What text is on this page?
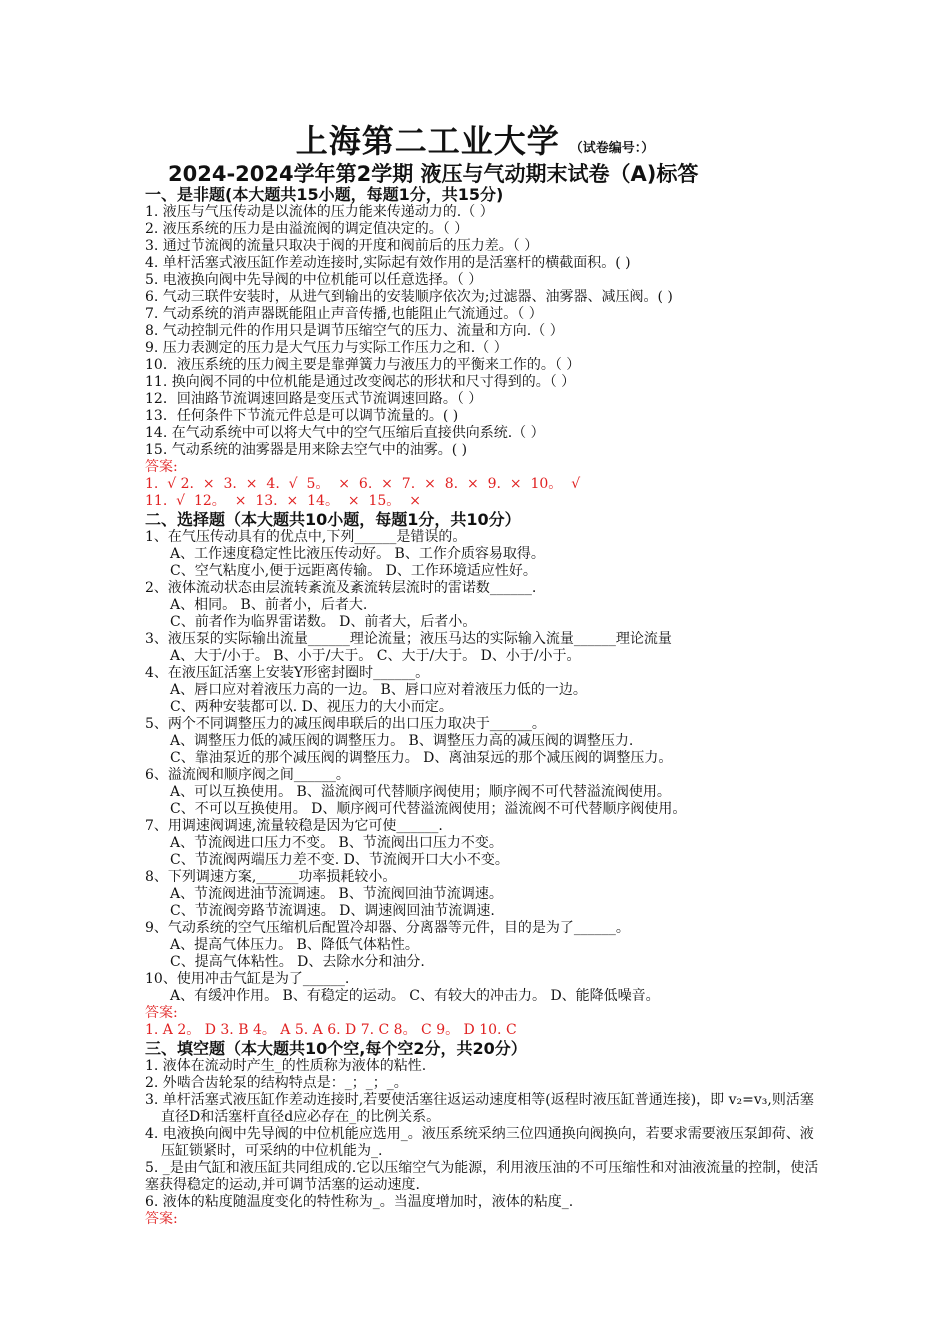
上海第二工业大学 （试卷编号：）
2024-2024学年第2学期 液压与气动期末试卷（A)标答
一、是非题(本大题共15小题，每题1分，共15分)
1. 液压与气压传动是以流体的压力能来传递动力的.（ ）
2. 液压系统的压力是由溢流阀的调定值决定的。（ ）
3. 通过节流阀的流量只取决于阀的开度和阀前后的压力差。（ ）
4. 单杆活塞式液压缸作差动连接时,实际起有效作用的是活塞杆的横截面积。( )
5. 电液换向阀中先导阀的中位机能可以任意选择。（ ）
6. 气动三联件安装时，从进气到输出的安装顺序依次为;过滤器、油雾器、减压阀。( )
7. 气动系统的消声器既能阻止声音传播,也能阻止气流通过。（ ）
8. 气动控制元件的作用只是调节压缩空气的压力、流量和方向.（ ）
9. 压力表测定的压力是大气压力与实际工作压力之和.（ ）
10．液压系统的压力阀主要是靠弹簧力与液压力的平衡来工作的。（ ）
11. 换向阀不同的中位机能是通过改变阀芯的形状和尺寸得到的。（ ）
12．回油路节流调速回路是变压式节流调速回路。（ ）
13．任何条件下节流元件总是可以调节流量的。( )
14. 在气动系统中可以将大气中的空气压缩后直接供向系统.（ ）
15. 气动系统的油雾器是用来除去空气中的油雾。( )
答案:
1.  √ 2.  ×  3.  ×  4.  √  5。  ×  6.  ×  7.  ×  8.  ×  9.  ×  10。  √
11.  √  12。  ×  13.  ×  14。  ×  15。  ×
二、选择题（本大题共10小题，每题1分，共10分）
1、在气压传动具有的优点中,下列______是错误的。
A、工作速度稳定性比液压传动好。 B、工作介质容易取得。
C、空气粘度小,便于远距离传输。 D、工作环境适应性好。
2、液体流动状态由层流转紊流及紊流转层流时的雷诺数______.
A、相同。 B、前者小，后者大.
C、前者作为临界雷诺数。 D、前者大，后者小。
3、液压泵的实际输出流量______理论流量；液压马达的实际输入流量______理论流量
A、大于/小于。 B、小于/大于。 C、大于/大于。 D、小于/小于。
4、在液压缸活塞上安装Y形密封圈时______。
A、唇口应对着液压力高的一边。 B、唇口应对着液压力低的一边。
C、两种安装都可以. D、视压力的大小而定。
5、两个不同调整压力的减压阀串联后的出口压力取决于______。
A、调整压力低的减压阀的调整压力。 B、调整压力高的减压阀的调整压力.
C、靠油泵近的那个减压阀的调整压力。 D、离油泵远的那个减压阀的调整压力。
6、溢流阀和顺序阀之间______。
A、可以互换使用。 B、溢流阀可代替顺序阀使用；顺序阀不可代替溢流阀使用。
C、不可以互换使用。 D、顺序阀可代替溢流阀使用；溢流阀不可代替顺序阀使用。
7、用调速阀调速,流量较稳是因为它可使______.
A、节流阀进口压力不变。 B、节流阀出口压力不变。
C、节流阀两端压力差不变. D、节流阀开口大小不变。
8、下列调速方案,______功率损耗较小。
A、节流阀进油节流调速。 B、节流阀回油节流调速。
C、节流阀旁路节流调速。 D、调速阀回油节流调速.
9、气动系统的空气压缩机后配置冷却器、分离器等元件，目的是为了______。
A、提高气体压力。 B、降低气体粘性。
C、提高气体粘性。 D、去除水分和油分.
10、使用冲击气缸是为了______.
A、有缓冲作用。 B、有稳定的运动。 C、有较大的冲击力。 D、能降低噪音。
答案:
1. A 2。 D 3. B 4。 A 5. A 6. D 7. C 8。 C 9。 D 10. C
三、填空题（本大题共10个空,每个空2分，共20分）
1. 液体在流动时产生_的性质称为液体的粘性.
2. 外啮合齿轮泵的结构特点是：_；_；_。
3. 单杆活塞式液压缸作差动连接时,若要使活塞往返运动速度相等(返程时液压缸普通连接)，即 v₂=v₃,则活塞直径D和活塞杆直径d应必存在_的比例关系。
4. 电液换向阀中先导阀的中位机能应选用_。液压系统采纳三位四通换向阀换向，若要求需要液压泵卸荷、液压缸锁紧时，可采纳的中位机能为_.
5. _是由气缸和液压缸共同组成的.它以压缩空气为能源，利用液压油的不可压缩性和对油液流量的控制，使活塞获得稳定的运动,并可调节活塞的运动速度.
6. 液体的粘度随温度变化的特性称为_。当温度增加时，液体的粘度_.
答案:
